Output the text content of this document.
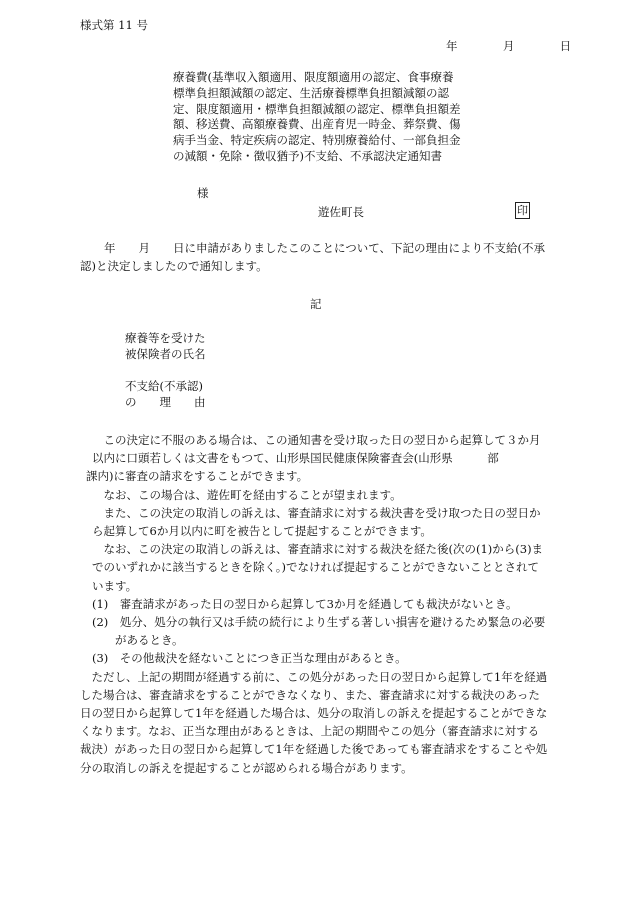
様式第 11 号
年	月	日
療養費(基準収入額適用、限度額適用の認定、食事療養
標準負担額減額の認定、生活療養標準負担額減額の認
定、限度額適用・標準負担額減額の認定、標準負担額差
額、移送費、高額療養費、出産育児一時金、葬祭費、傷
病手当金、特定疾病の認定、特別療養給付、一部負担金
の減額・免除・徴収猶予)不支給、不承認決定通知書
様
遊佐町長	印
年　　月　　日に申請がありましたこのことについて、下記の理由により不支給(不承
認)と決定しましたので通知します。
記
療養等を受けた
被保険者の氏名
不支給(不承認)
の　　理　　由
　この決定に不服のある場合は、この通知書を受け取った日の翌日から起算して３か月
以内に口頭若しくは文書をもつて、山形県国民健康保険審査会(山形県　　　部
課内)に審査の請求をすることができます。
　なお、この場合は、遊佐町を経由することが望まれます。
　また、この決定の取消しの訴えは、審査請求に対する裁決書を受け取つた日の翌日か
ら起算して6か月以内に町を被告として提起することができます。
　なお、この決定の取消しの訴えは、審査請求に対する裁決を経た後(次の(1)から(3)ま
でのいずれかに該当するときを除く。)でなければ提起することができないこととされて
います。
(1)　審査請求があった日の翌日から起算して3か月を経過しても裁決がないとき。
(2)　処分、処分の執行又は手続の続行により生ずる著しい損害を避けるため緊急の必要
　　があるとき。
(3)　その他裁決を経ないことにつき正当な理由があるとき。
　ただし、上記の期間が経過する前に、この処分があった日の翌日から起算して1年を経過
した場合は、審査請求をすることができなくなり、また、審査請求に対する裁決のあった
日の翌日から起算して1年を経過した場合は、処分の取消しの訴えを提起することができな
くなります。なお、正当な理由があるときは、上記の期間やこの処分（審査請求に対する
裁決）があった日の翌日から起算して1年を経過した後であっても審査請求をすることや処
分の取消しの訴えを提起することが認められる場合があります。
